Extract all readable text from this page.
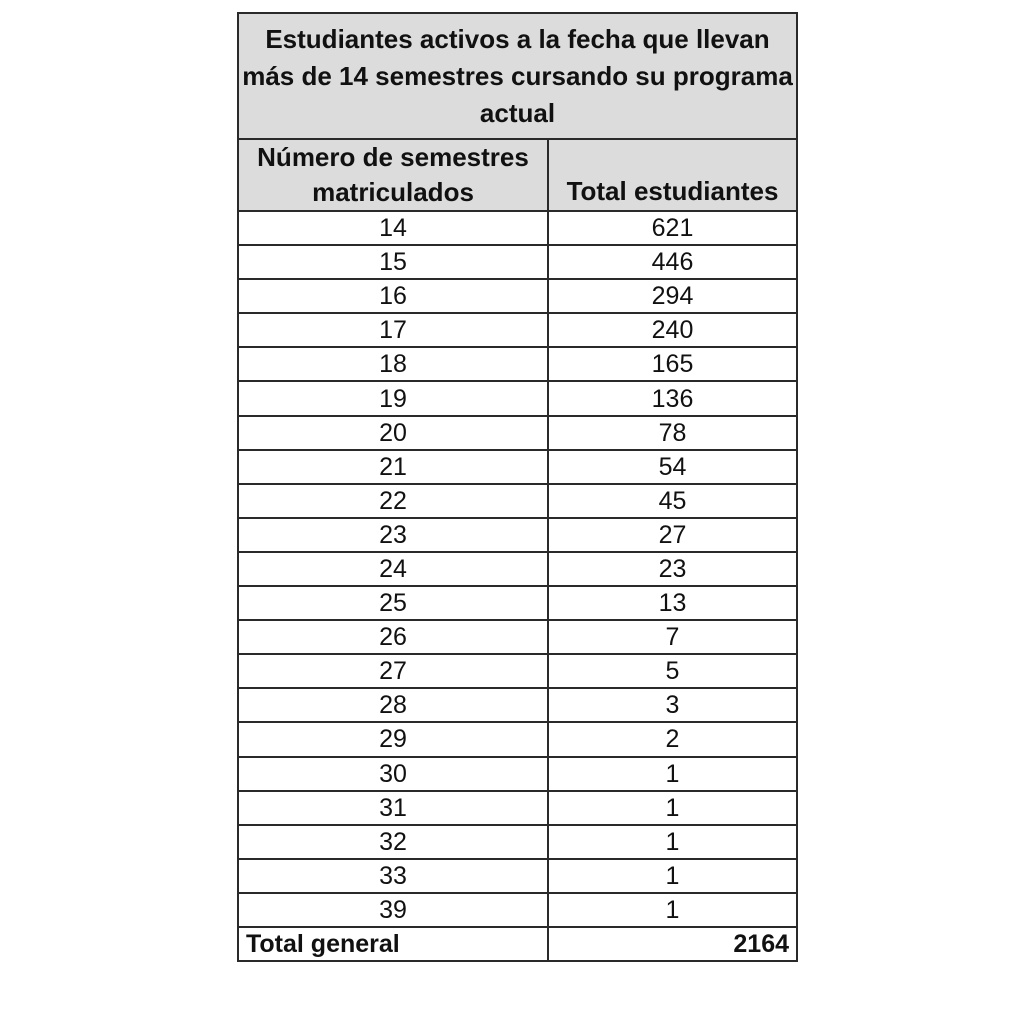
Estudiantes activos a la fecha que llevan más de 14 semestres cursando su programa actual	
Número de semestres matriculados	Total estudiantes
14	621
15	446
16	294
17	240
18	165
19	136
20	78
21	54
22	45
23	27
24	23
25	13
26	7
27	5
28	3
29	2
30	1
31	1
32	1
33	1
39	1
Total general	2164
